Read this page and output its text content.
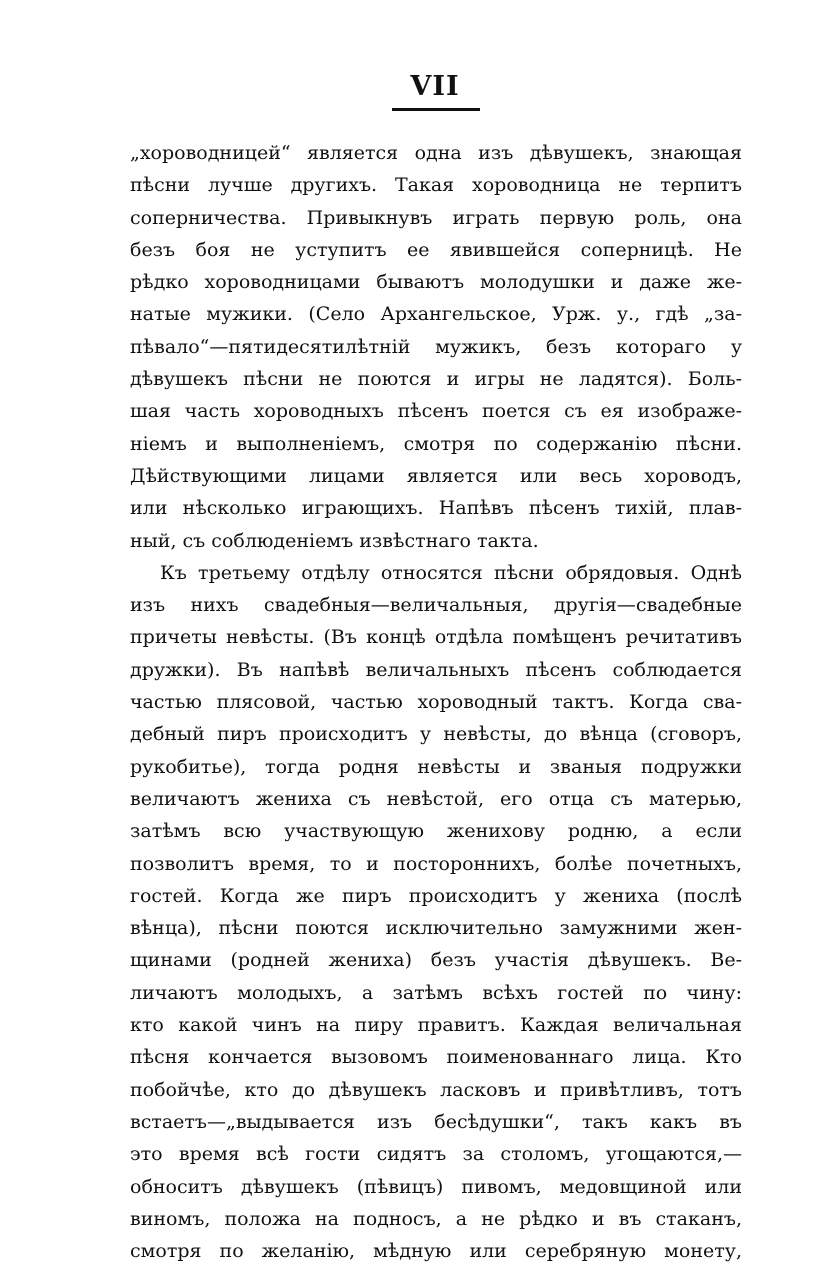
VII
„хороводницей“ является одна изъ дѣвушекъ, знающая
пѣсни лучше другихъ. Такая хороводница не терпитъ
соперничества. Привыкнувъ играть первую роль, она
безъ боя не уступитъ ее явившейся соперницѣ. Не
рѣдко хороводницами бываютъ молодушки и даже же-
натые мужики. (Село Архангельское, Урж. у., гдѣ „за-
пѣвало“—пятидесятилѣтній мужикъ, безъ котораго у
дѣвушекъ пѣсни не поются и игры не ладятся). Боль-
шая часть хороводныхъ пѣсенъ поется съ ея изображе-
ніемъ и выполненіемъ, смотря по содержанію пѣсни.
Дѣйствующими лицами является или весь хороводъ,
или нѣсколько играющихъ. Напѣвъ пѣсенъ тихій, плав-
ный, съ соблюденіемъ извѣстнаго такта.
Къ третьему отдѣлу относятся пѣсни обрядовыя. Однѣ
изъ нихъ свадебныя—величальныя, другія—свадебные
причеты невѣсты. (Въ концѣ отдѣла помѣщенъ речитативъ
дружки). Въ напѣвѣ величальныхъ пѣсенъ соблюдается
частью плясовой, частью хороводный тактъ. Когда сва-
дебный пиръ происходитъ у невѣсты, до вѣнца (сговоръ,
рукобитье), тогда родня невѣсты и званыя подружки
величаютъ жениха съ невѣстой, его отца съ матерью,
затѣмъ всю участвующую женихову родню, а если
позволитъ время, то и постороннихъ, болѣе почетныхъ,
гостей. Когда же пиръ происходитъ у жениха (послѣ
вѣнца), пѣсни поются исключительно замужними жен-
щинами (родней жениха) безъ участія дѣвушекъ. Ве-
личаютъ молодыхъ, а затѣмъ всѣхъ гостей по чину:
кто какой чинъ на пиру правитъ. Каждая величальная
пѣсня кончается вызовомъ поименованнаго лица. Кто
побойчѣе, кто до дѣвушекъ ласковъ и привѣтливъ, тотъ
встаетъ—„выдывается изъ бесѣдушки“, такъ какъ въ
это время всѣ гости сидятъ за столомъ, угощаются,—
обноситъ дѣвушекъ (пѣвицъ) пивомъ, медовщиной или
виномъ, положа на подносъ, а не рѣдко и въ стаканъ,
смотря по желанію, мѣдную или серебряную монету,
